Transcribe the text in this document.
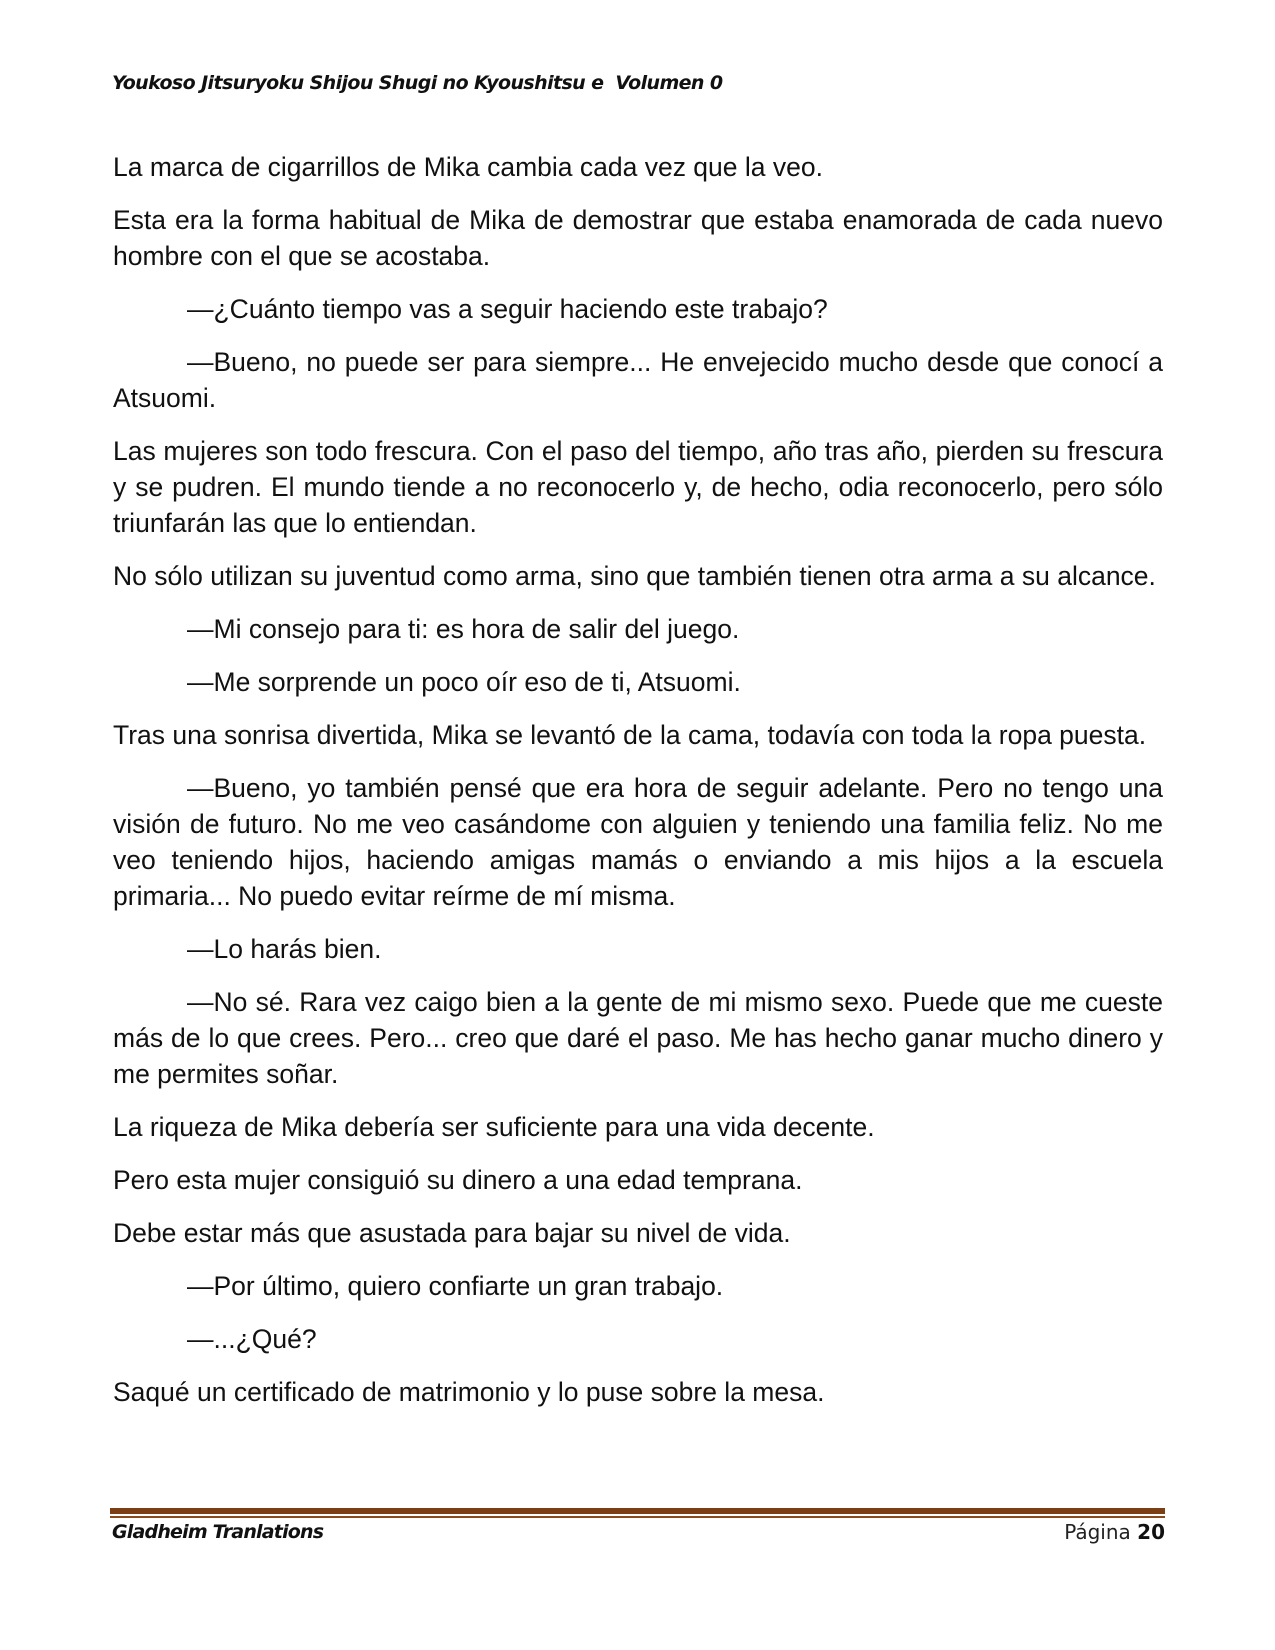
Youkoso Jitsuryoku Shijou Shugi no Kyoushitsu e  Volumen 0

La marca de cigarrillos de Mika cambia cada vez que la veo.

Esta era la forma habitual de Mika de demostrar que estaba enamorada de cada nuevo hombre con el que se acostaba.

—¿Cuánto tiempo vas a seguir haciendo este trabajo?

—Bueno, no puede ser para siempre... He envejecido mucho desde que conocí a Atsuomi.

Las mujeres son todo frescura. Con el paso del tiempo, año tras año, pierden su frescura y se pudren. El mundo tiende a no reconocerlo y, de hecho, odia reconocerlo, pero sólo triunfarán las que lo entiendan.

No sólo utilizan su juventud como arma, sino que también tienen otra arma a su alcance.

—Mi consejo para ti: es hora de salir del juego.

—Me sorprende un poco oír eso de ti, Atsuomi.

Tras una sonrisa divertida, Mika se levantó de la cama, todavía con toda la ropa puesta.

—Bueno, yo también pensé que era hora de seguir adelante. Pero no tengo una visión de futuro. No me veo casándome con alguien y teniendo una familia feliz. No me veo teniendo hijos, haciendo amigas mamás o enviando a mis hijos a la escuela primaria... No puedo evitar reírme de mí misma.

—Lo harás bien.

—No sé. Rara vez caigo bien a la gente de mi mismo sexo. Puede que me cueste más de lo que crees. Pero... creo que daré el paso. Me has hecho ganar mucho dinero y me permites soñar.

La riqueza de Mika debería ser suficiente para una vida decente.

Pero esta mujer consiguió su dinero a una edad temprana.

Debe estar más que asustada para bajar su nivel de vida.

—Por último, quiero confiarte un gran trabajo.

—...¿Qué?

Saqué un certificado de matrimonio y lo puse sobre la mesa.

Gladheim Tranlations	Página 20
